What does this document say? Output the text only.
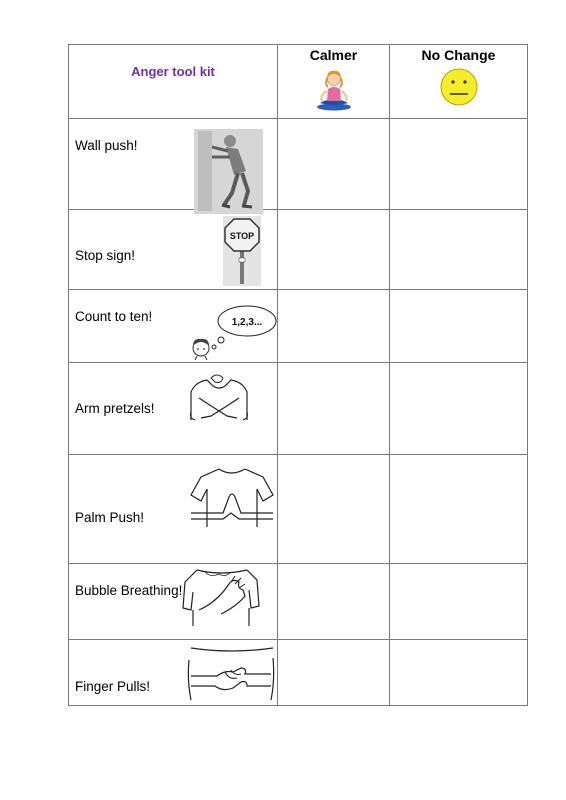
Anger tool kit	Calmer	No Change

Wall push!		

Stop sign!
STOP		

Count to ten! 1,2,3...		

Arm pretzels!		

Palm Push!		

Bubble Breathing!		

Finger Pulls!		
